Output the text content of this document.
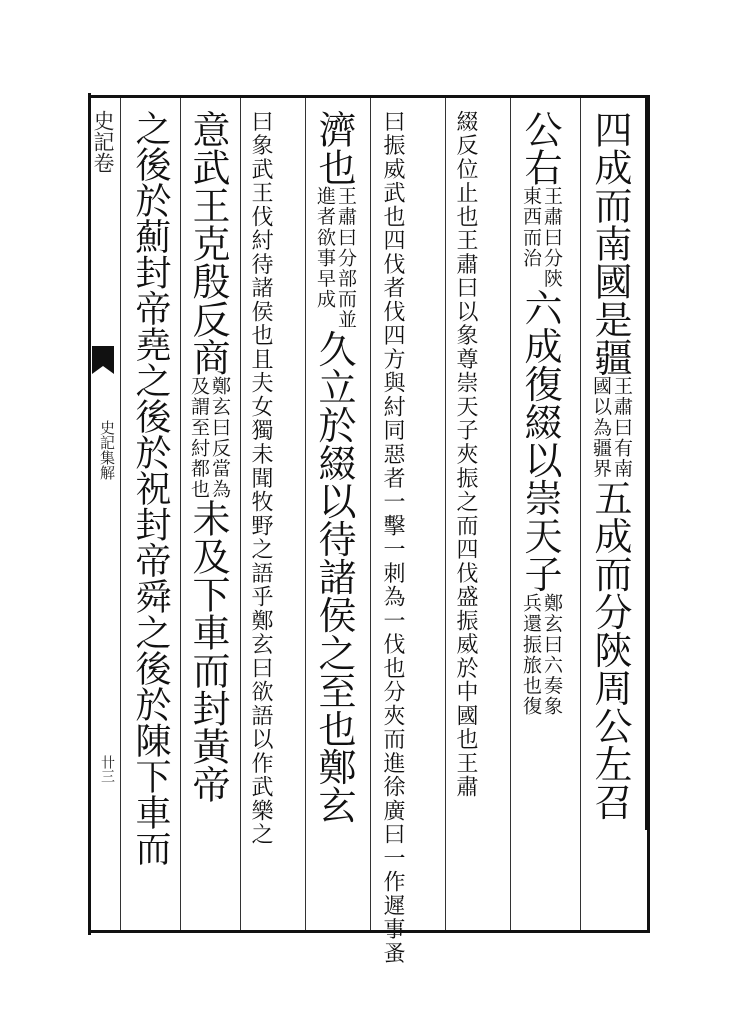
史記卷
史記集解
卄三
四成而南國是疆王肅曰有南
國以為疆界五成而分陝周公左召
公右王肅曰分陝
東西而治六成復綴以崇天子鄭玄曰六奏象
兵還振旅也復
綴反位止也王肅曰以象尊崇天子夾振之而四伐盛振威於中國也王肅
曰振威武也四伐者伐四方與紂同惡者一擊一刺為一伐也分夾而進徐廣曰一作遲事蚤
濟也王肅曰分部而並
進者欲事早成久立於綴以待諸侯之至也鄭玄
曰象武王伐紂待諸侯也且夫女獨未聞牧野之語乎鄭玄曰欲語以作武樂之
意武王克殷反商鄭玄曰反當為
及謂至紂都也未及下車而封黃帝
之後於薊封帝堯之後於祝封帝舜之後於陳下車而
